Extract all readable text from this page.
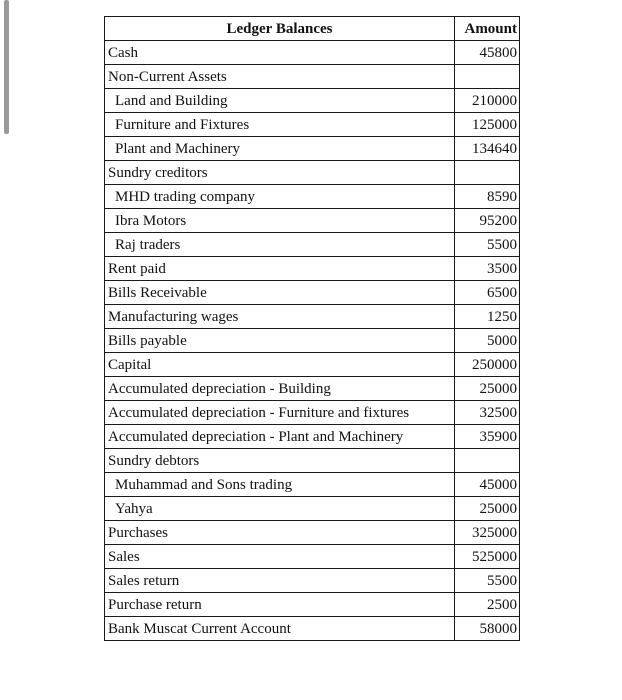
Ledger Balances	Amount
Cash	45800
Non-Current Assets	
Land and Building	210000
Furniture and Fixtures	125000
Plant and Machinery	134640
Sundry creditors	
MHD trading company	8590
Ibra Motors	95200
Raj traders	5500
Rent paid	3500
Bills Receivable	6500
Manufacturing wages	1250
Bills payable	5000
Capital	250000
Accumulated depreciation - Building	25000
Accumulated depreciation - Furniture and fixtures	32500
Accumulated depreciation - Plant and Machinery	35900
Sundry debtors	
Muhammad and Sons trading	45000
Yahya	25000
Purchases	325000
Sales	525000
Sales return	5500
Purchase return	2500
Bank Muscat Current Account	58000
